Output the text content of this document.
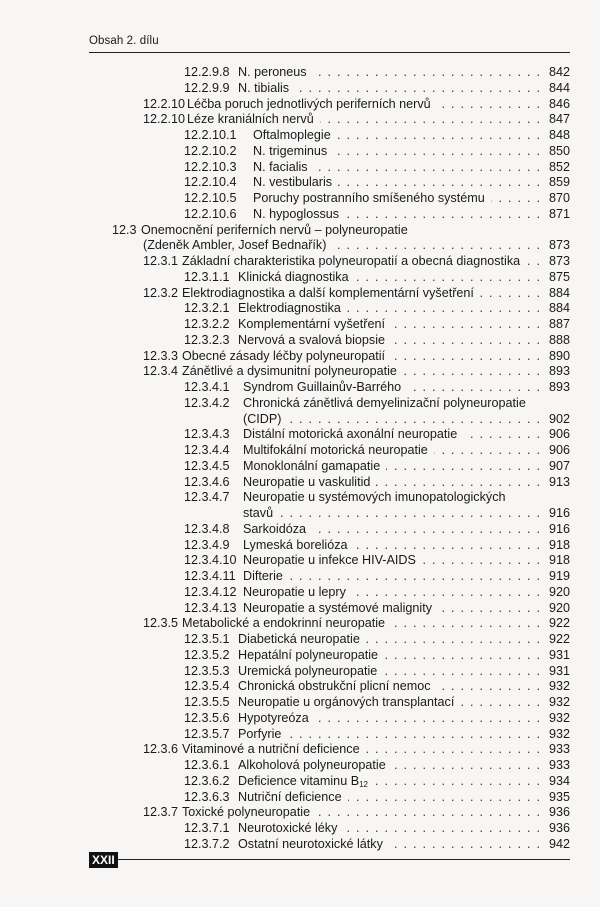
Obsah 2. dílu
12.2.9.8 N. peroneus . . .	842
12.2.9.9 N. tibialis . . .	844
12.2.10 Léčba poruch jednotlivých periferních nervů . . .	846
12.2.10 Léze kraniálních nervů . . .	847
12.2.10.1 Oftalmoplegie . . .	848
12.2.10.2 N. trigeminus . . .	850
12.2.10.3 N. facialis . . .	852
12.2.10.4 N. vestibularis . . .	859
12.2.10.5 Poruchy postranního smíšeného systému . . .	870
12.2.10.6 N. hypoglossus . . .	871
12.3 Onemocnění periferních nervů – polyneuropatie
(Zdeněk Ambler, Josef Bednařík) . . .	873
12.3.1 Základní charakteristika polyneuropatií a obecná diagnostika . . . 873
12.3.1.1 Klinická diagnostika . . .	875
12.3.2 Elektrodiagnostika a další komplementární vyšetření . . .	884
12.3.2.1 Elektrodiagnostika . . .	884
12.3.2.2 Komplementární vyšetření . . .	887
12.3.2.3 Nervová a svalová biopsie . . .	888
12.3.3 Obecné zásady léčby polyneuropatií . . .	890
12.3.4 Zánětlivé a dysimunitní polyneuropatie . . .	893
12.3.4.1 Syndrom Guillainův-Barrého . . .	893
12.3.4.2 Chronická zánětlivá demyelinizační polyneuropatie
(CIDP) . . .	902
12.3.4.3 Distální motorická axonální neuropatie . . .	906
12.3.4.4 Multifokální motorická neuropatie . . .	906
12.3.4.5 Monoklonální gamapatie . . .	907
12.3.4.6 Neuropatie u vaskulitid . . .	913
12.3.4.7 Neuropatie u systémových imunopatologických
stavů . . .	916
12.3.4.8 Sarkoidóza . . .	916
12.3.4.9 Lymeská borelióza . . .	918
12.3.4.10 Neuropatie u infekce HIV-AIDS . . .	918
12.3.4.11 Difterie . . .	919
12.3.4.12 Neuropatie u lepry . . .	920
12.3.4.13 Neuropatie a systémové malignity . . .	920
12.3.5 Metabolické a endokrinní neuropatie . . .	922
12.3.5.1 Diabetická neuropatie . . .	922
12.3.5.2 Hepatální polyneuropatie . . .	931
12.3.5.3 Uremická polyneuropatie . . .	931
12.3.5.4 Chronická obstrukční plicní nemoc . . .	932
12.3.5.5 Neuropatie u orgánových transplantací . . .	932
12.3.5.6 Hypotyreóza . . .	932
12.3.5.7 Porfyrie . . .	932
12.3.6 Vitaminové a nutriční deficience . . .	933
12.3.6.1 Alkoholová polyneuropatie . . .	933
12.3.6.2 Deficience vitaminu $B_{12}$ . . .	934
12.3.6.3 Nutriční deficience . . .	935
12.3.7 Toxické polyneuropatie . . .	936
12.3.7.1 Neurotoxické léky . . .	936
12.3.7.2 Ostatní neurotoxické látky . . .	942
XXII
